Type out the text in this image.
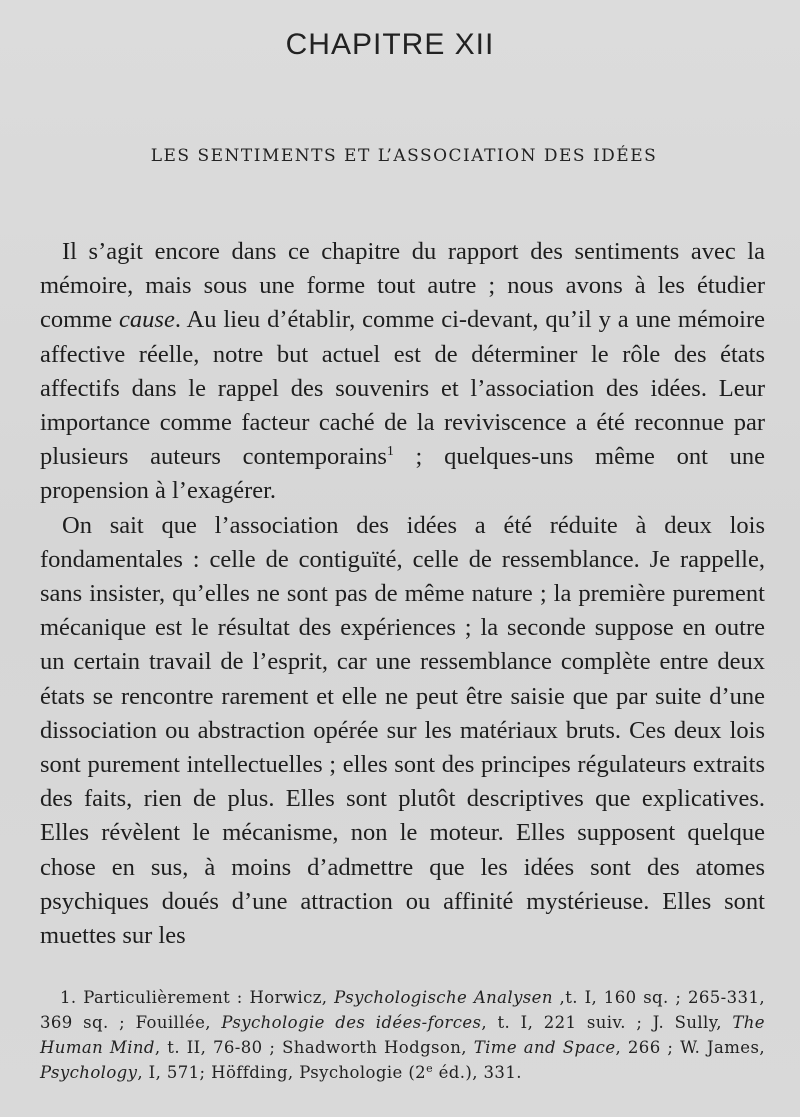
CHAPITRE XII
LES SENTIMENTS ET L’ASSOCIATION DES IDÉES

Il s’agit encore dans ce chapitre du rapport des sentiments avec la mémoire, mais sous une forme tout autre ; nous avons à les étudier comme cause. Au lieu d’établir, comme ci-devant, qu’il y a une mémoire affective réelle, notre but actuel est de déterminer le rôle des états affectifs dans le rappel des souvenirs et l’association des idées. Leur importance comme facteur caché de la reviviscence a été reconnue par plusieurs auteurs contemporains$^1$ ; quelques-uns même ont une propension à l’exagérer.

On sait que l’association des idées a été réduite à deux lois fondamentales : celle de contiguïté, celle de ressemblance. Je rappelle, sans insister, qu’elles ne sont pas de même nature ; la première purement mécanique est le résultat des expériences ; la seconde suppose en outre un certain travail de l’esprit, car une ressemblance complète entre deux états se rencontre rarement et elle ne peut être saisie que par suite d’une dissociation ou abstraction opérée sur les matériaux bruts. Ces deux lois sont purement intellectuelles ; elles sont des principes régulateurs extraits des faits, rien de plus. Elles sont plutôt descriptives que explicatives. Elles révèlent le mécanisme, non le moteur. Elles supposent quelque chose en sus, à moins d’admettre que les idées sont des atomes psychiques doués d’une attraction ou affinité mystérieuse. Elles sont muettes sur les

1. Particulièrement : Horwicz, Psychologische Analysen ,t. I, 160 sq. ; 265-331, 369 sq. ; Fouillée, Psychologie des idées-forces, t. I, 221 suiv. ; J. Sully, The Human Mind, t. II, 76-80 ; Shadworth Hodgson, Time and Space, 266 ; W. James, Psychology, I, 571; Höffding, Psychologie (2e éd.), 331.
